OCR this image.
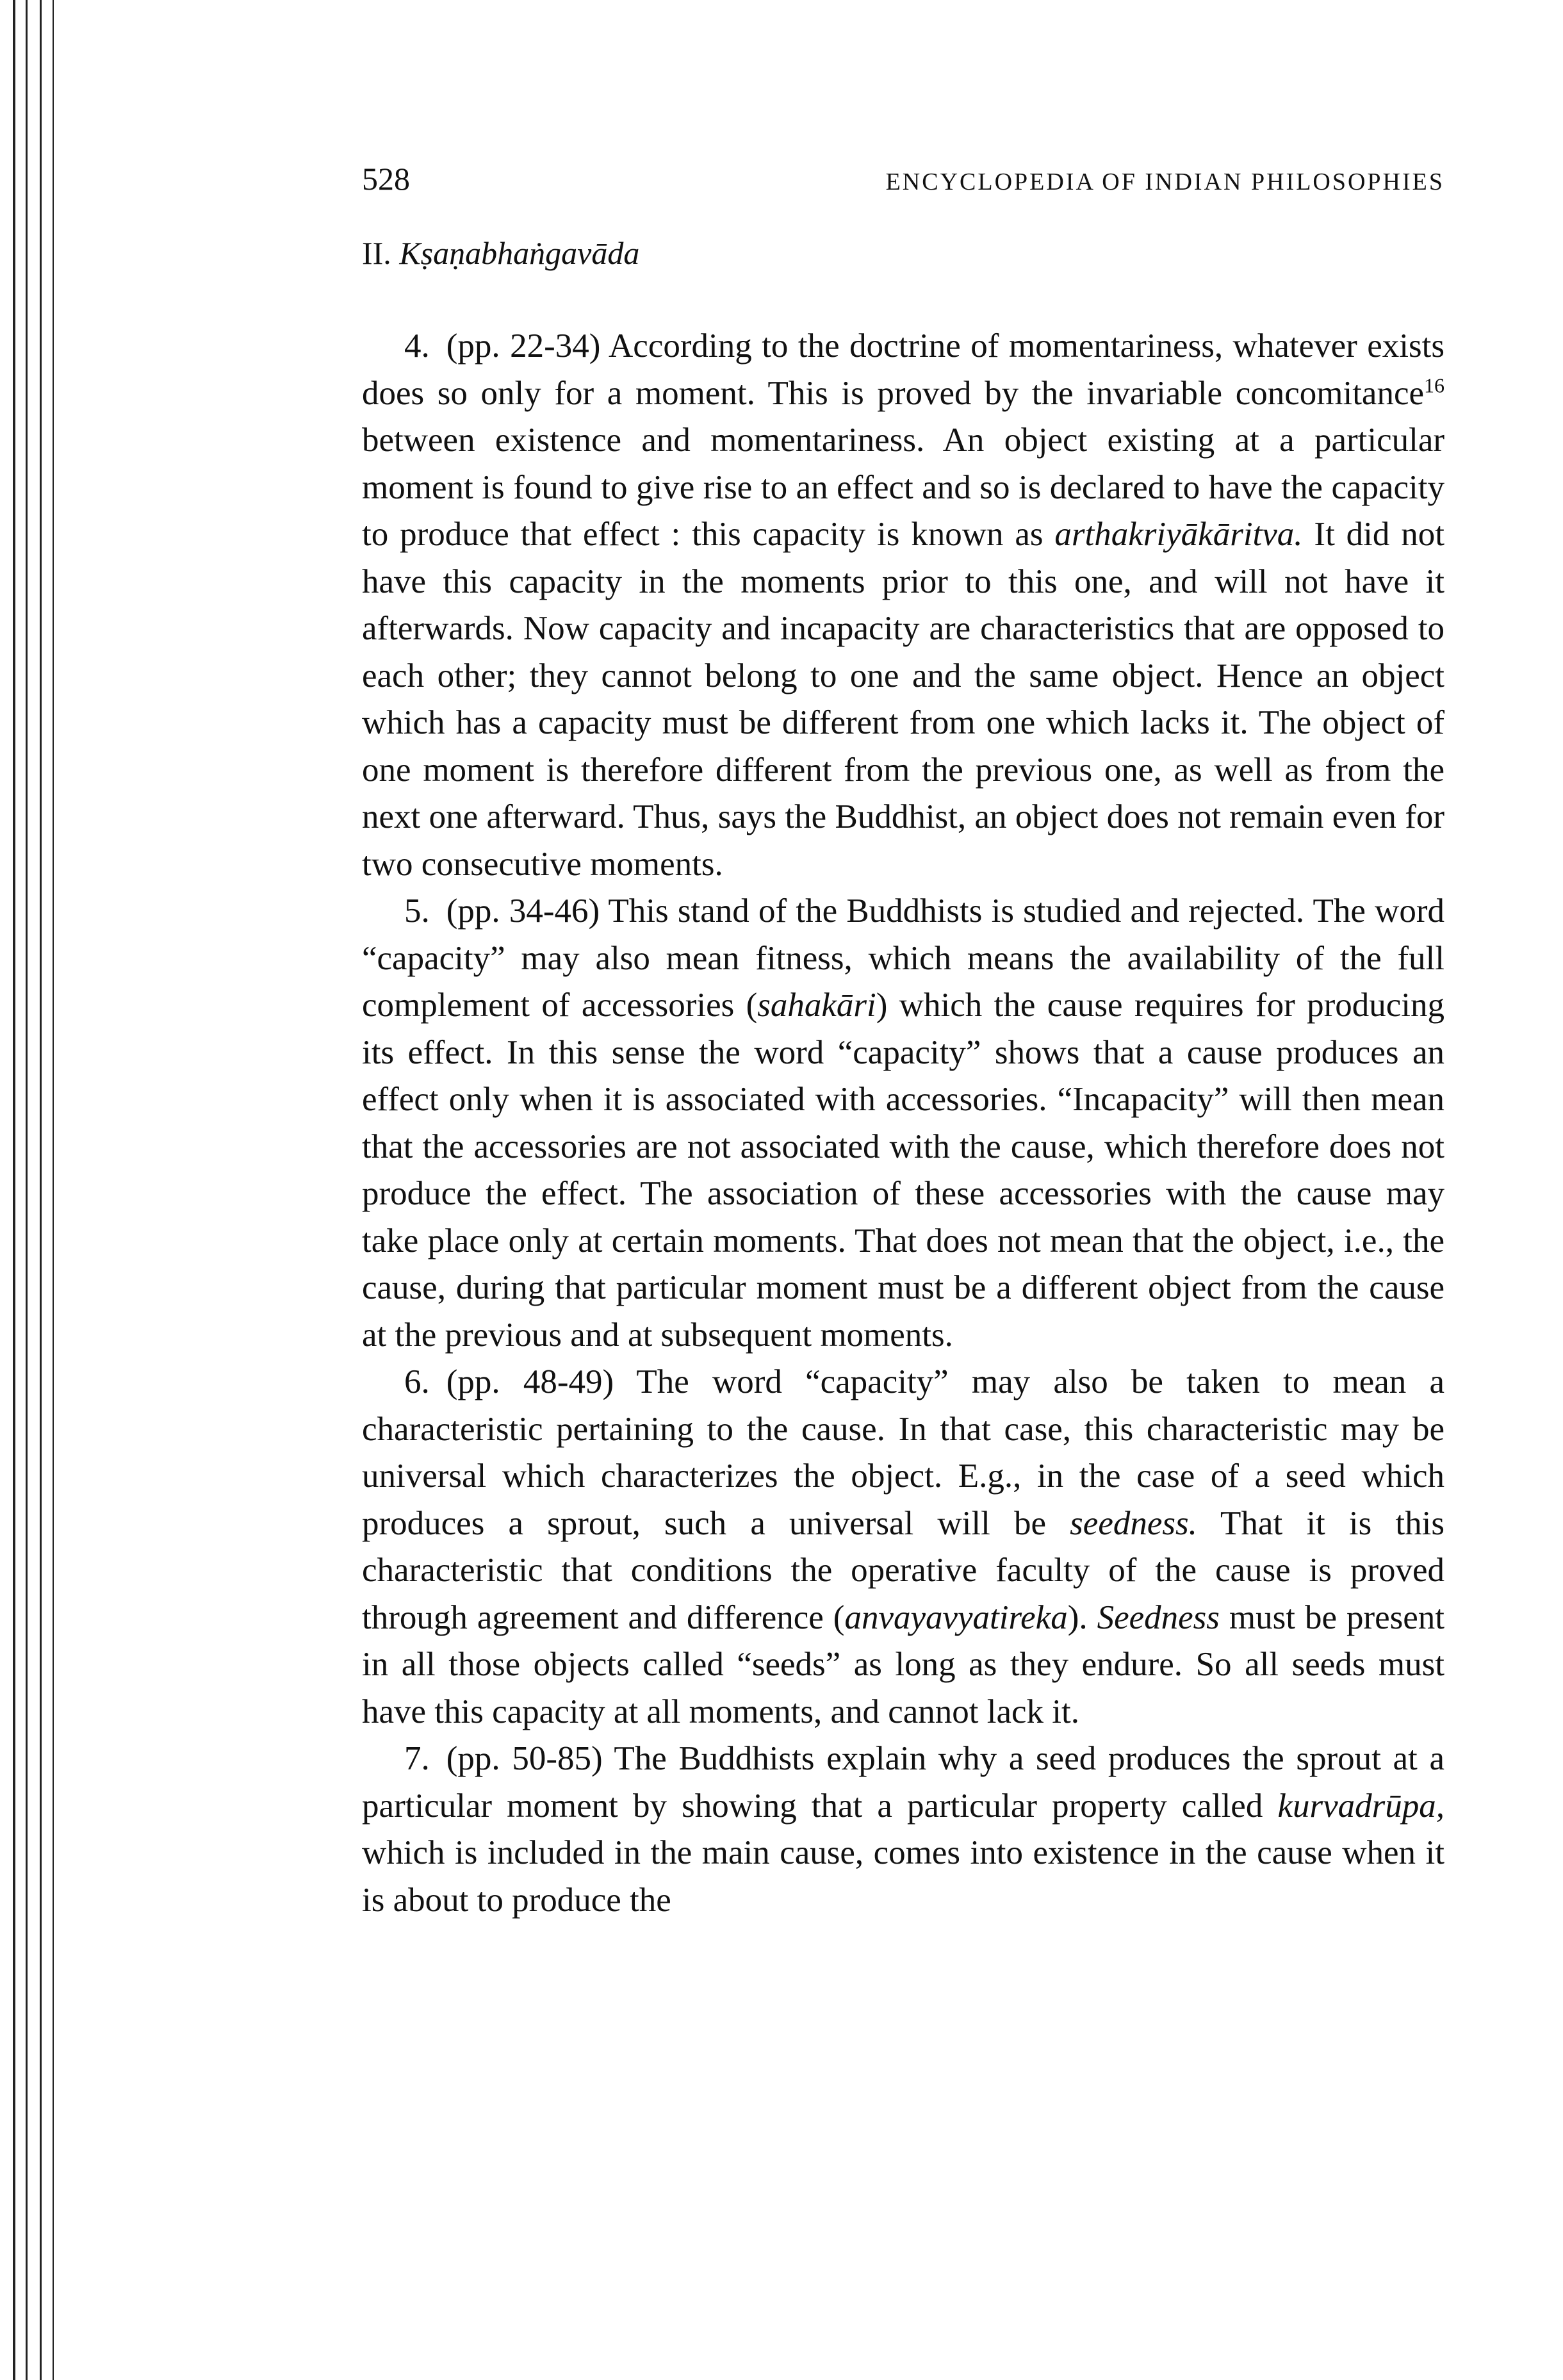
528	ENCYCLOPEDIA OF INDIAN PHILOSOPHIES
II. Kṣaṇabhaṅgavāda

4. (pp. 22-34) According to the doctrine of momentariness, whatever exists does so only for a moment. This is proved by the invariable concomitance$^{16}$ between existence and momentariness. An object existing at a particular moment is found to give rise to an effect and so is declared to have the capacity to produce that effect : this capacity is known as arthakriyākāritva. It did not have this capacity in the moments prior to this one, and will not have it afterwards. Now capacity and incapacity are characteristics that are opposed to each other; they cannot belong to one and the same object. Hence an object which has a capacity must be different from one which lacks it. The object of one moment is therefore different from the previous one, as well as from the next one afterward. Thus, says the Buddhist, an object does not remain even for two consecutive moments.

5. (pp. 34-46) This stand of the Buddhists is studied and rejected. The word “capacity” may also mean fitness, which means the availability of the full complement of accessories (sahakāri) which the cause requires for producing its effect. In this sense the word “capacity” shows that a cause produces an effect only when it is associated with accessories. “Incapacity” will then mean that the accessories are not associated with the cause, which therefore does not produce the effect. The association of these accessories with the cause may take place only at certain moments. That does not mean that the object, i.e., the cause, during that particular moment must be a different object from the cause at the previous and at subsequent moments.

6. (pp. 48-49) The word “capacity” may also be taken to mean a characteristic pertaining to the cause. In that case, this characteristic may be universal which characterizes the object. E.g., in the case of a seed which produces a sprout, such a universal will be seedness. That it is this characteristic that conditions the operative faculty of the cause is proved through agreement and difference (anvayavyatireka). Seedness must be present in all those objects called “seeds” as long as they endure. So all seeds must have this capacity at all moments, and cannot lack it.

7. (pp. 50-85) The Buddhists explain why a seed produces the sprout at a particular moment by showing that a particular property called kurvadrūpa, which is included in the main cause, comes into existence in the cause when it is about to produce the
